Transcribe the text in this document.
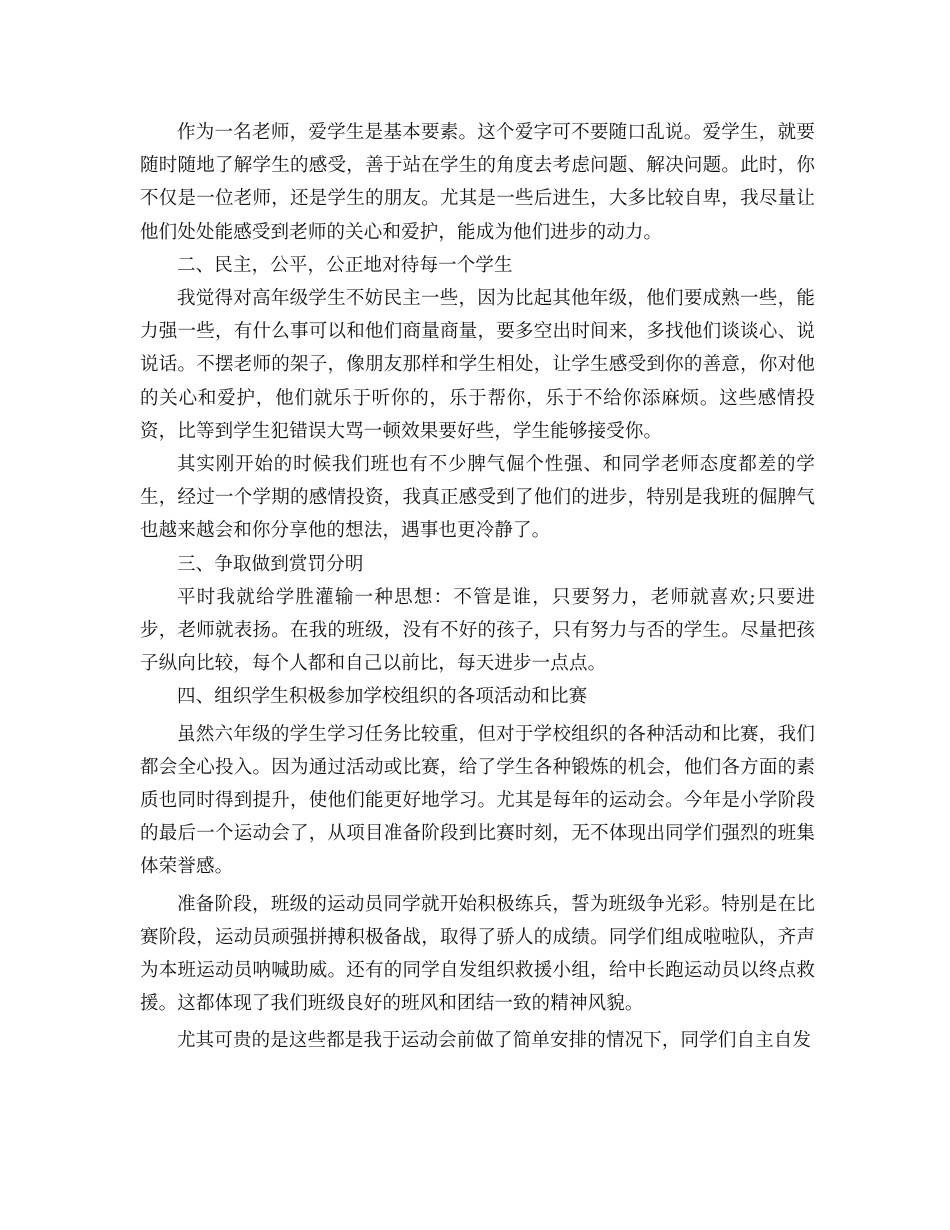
作为一名老师，爱学生是基本要素。这个爱字可不要随口乱说。爱学生，就要随时随地了解学生的感受，善于站在学生的角度去考虑问题、解决问题。此时，你不仅是一位老师，还是学生的朋友。尤其是一些后进生，大多比较自卑，我尽量让他们处处能感受到老师的关心和爱护，能成为他们进步的动力。

二、民主，公平，公正地对待每一个学生

我觉得对高年级学生不妨民主一些，因为比起其他年级，他们要成熟一些，能力强一些，有什么事可以和他们商量商量，要多空出时间来，多找他们谈谈心、说说话。不摆老师的架子，像朋友那样和学生相处，让学生感受到你的善意，你对他的关心和爱护，他们就乐于听你的，乐于帮你，乐于不给你添麻烦。这些感情投资，比等到学生犯错误大骂一顿效果要好些，学生能够接受你。

其实刚开始的时候我们班也有不少脾气倔个性强、和同学老师态度都差的学生，经过一个学期的感情投资，我真正感受到了他们的进步，特别是我班的倔脾气也越来越会和你分享他的想法，遇事也更冷静了。

三、争取做到赏罚分明

平时我就给学胜灌输一种思想：不管是谁，只要努力，老师就喜欢;只要进步，老师就表扬。在我的班级，没有不好的孩子，只有努力与否的学生。尽量把孩子纵向比较，每个人都和自己以前比，每天进步一点点。

四、组织学生积极参加学校组织的各项活动和比赛

虽然六年级的学生学习任务比较重，但对于学校组织的各种活动和比赛，我们都会全心投入。因为通过活动或比赛，给了学生各种锻炼的机会，他们各方面的素质也同时得到提升，使他们能更好地学习。尤其是每年的运动会。今年是小学阶段的最后一个运动会了，从项目准备阶段到比赛时刻，无不体现出同学们强烈的班集体荣誉感。

准备阶段，班级的运动员同学就开始积极练兵，誓为班级争光彩。特别是在比赛阶段，运动员顽强拼搏积极备战，取得了骄人的成绩。同学们组成啦啦队，齐声为本班运动员呐喊助威。还有的同学自发组织救援小组，给中长跑运动员以终点救援。这都体现了我们班级良好的班风和团结一致的精神风貌。

尤其可贵的是这些都是我于运动会前做了简单安排的情况下，同学们自主自发
